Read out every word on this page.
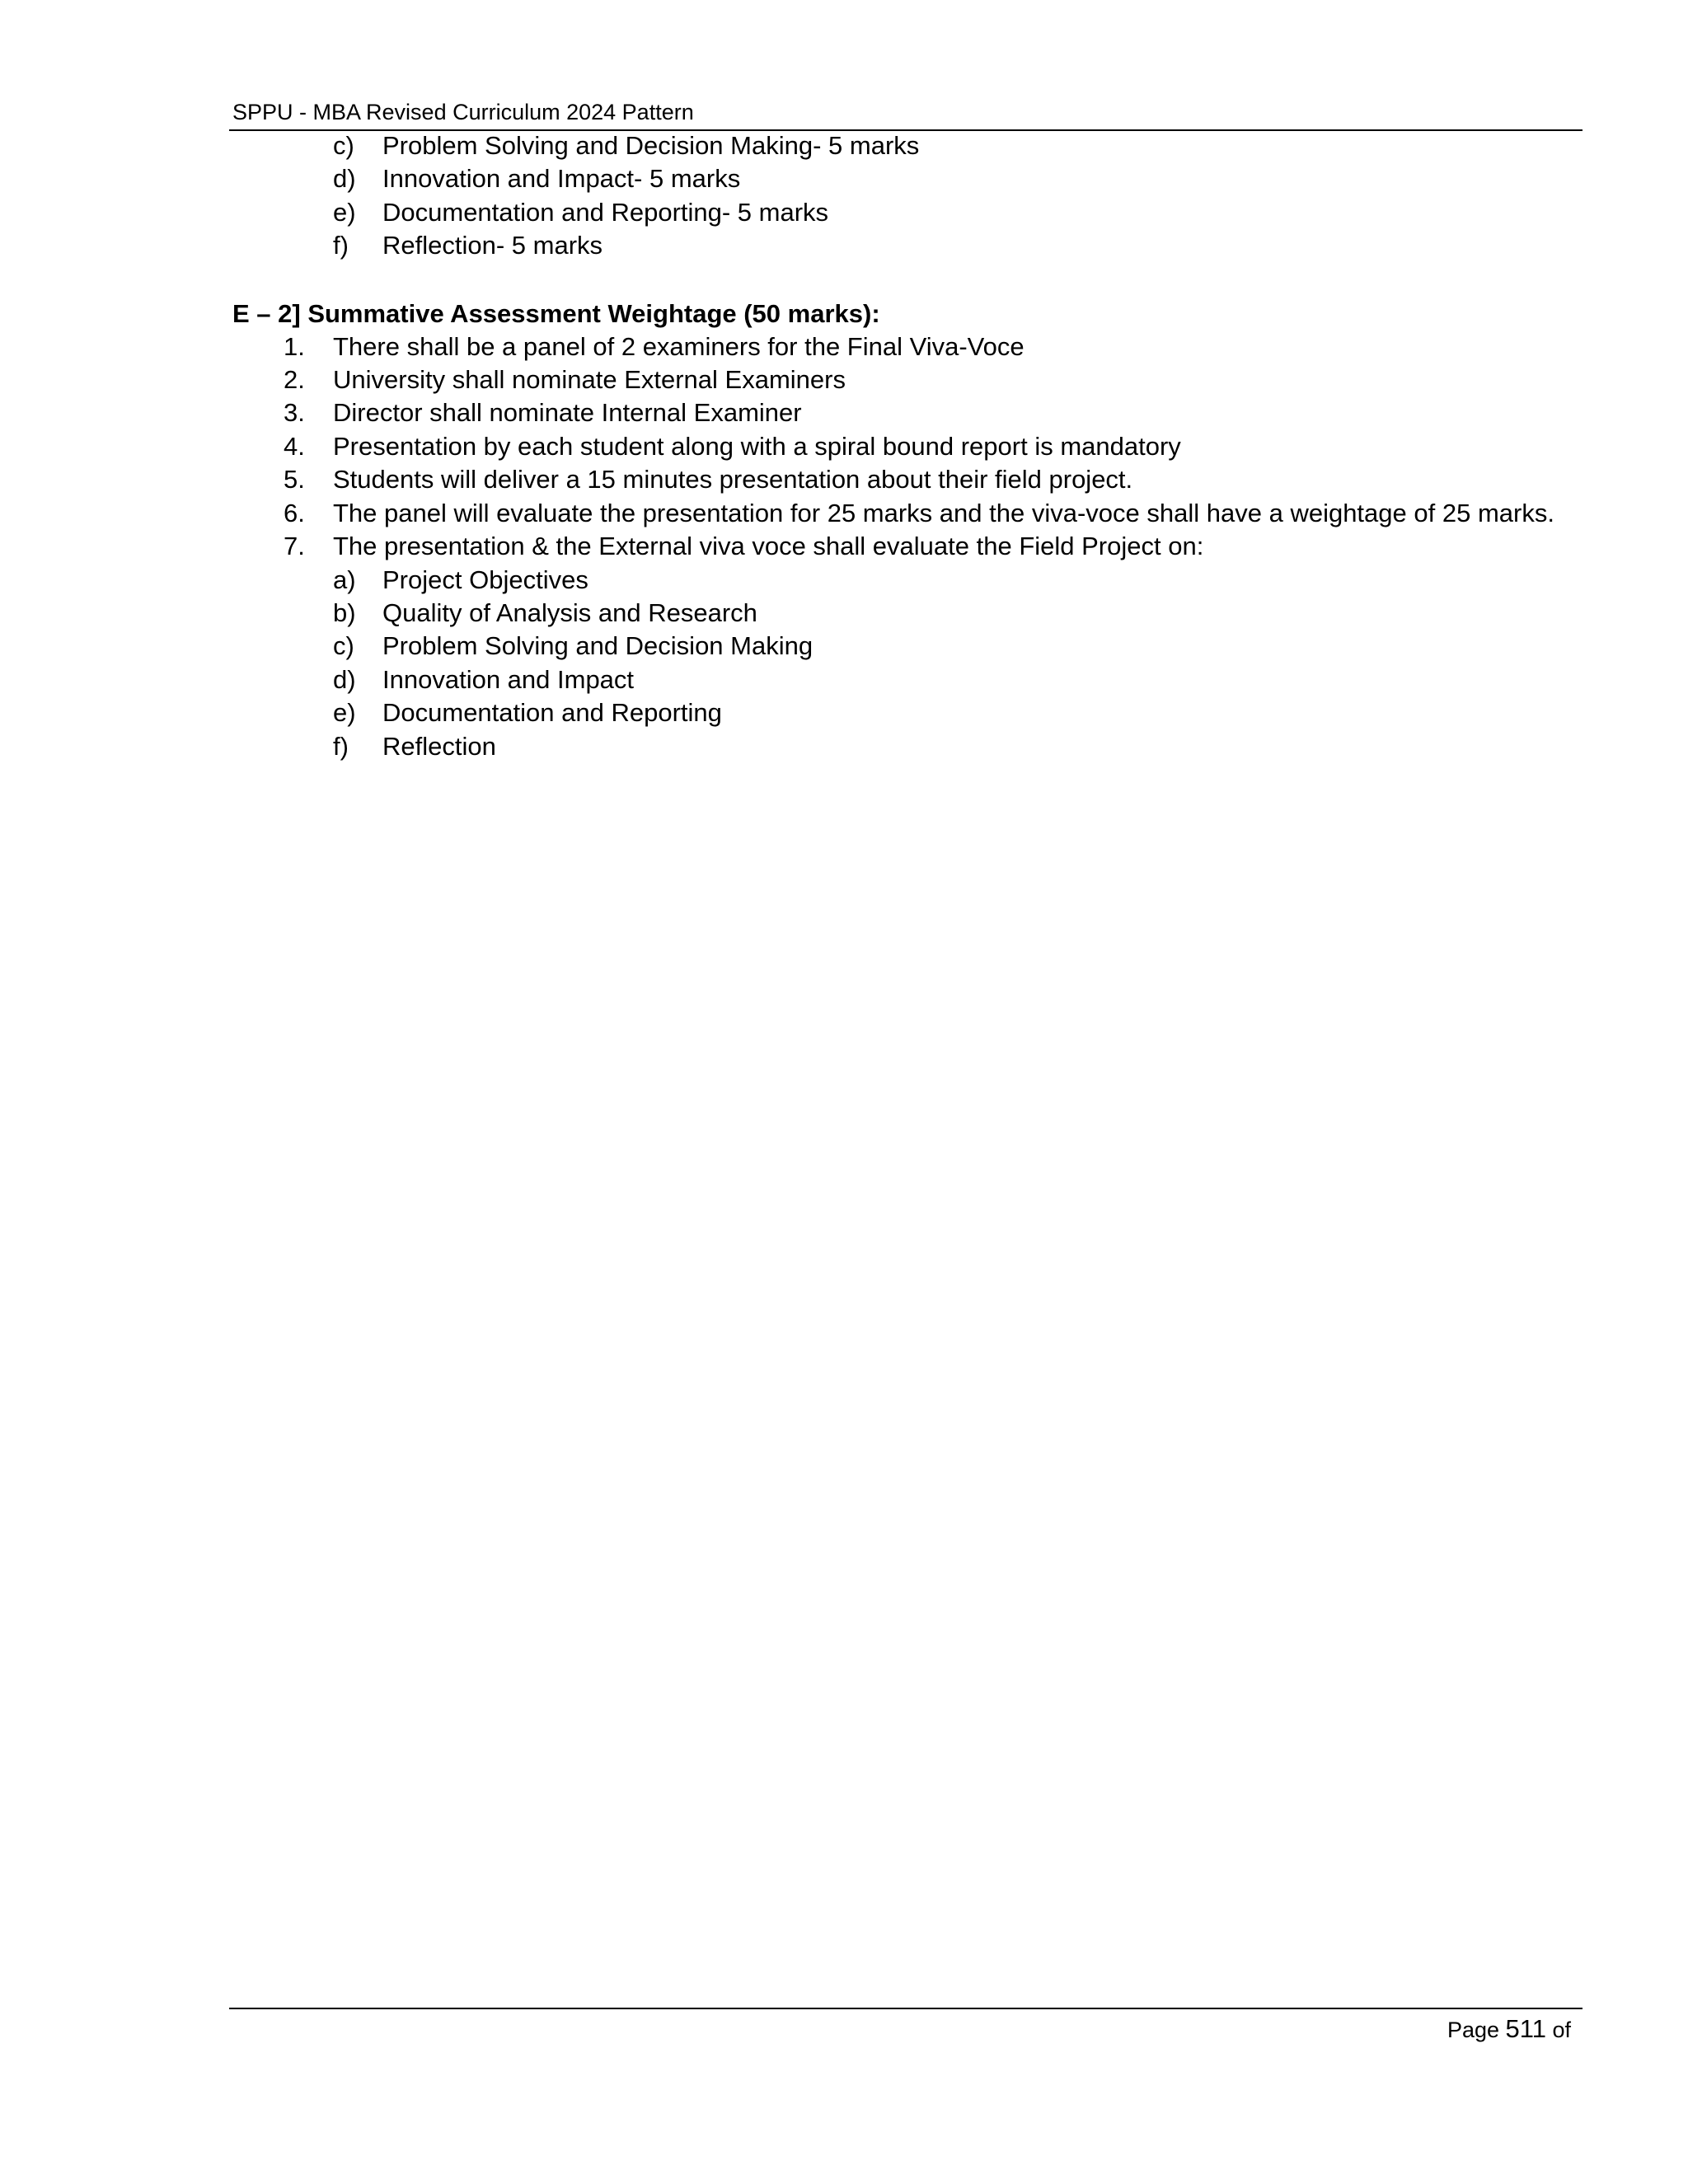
SPPU - MBA Revised Curriculum 2024 Pattern
c) Problem Solving and Decision Making- 5 marks
d) Innovation and Impact- 5 marks
e) Documentation and Reporting- 5 marks
f) Reflection- 5 marks
E – 2] Summative Assessment Weightage (50 marks):
1. There shall be a panel of 2 examiners for the Final Viva-Voce
2. University shall nominate External Examiners
3. Director shall nominate Internal Examiner
4. Presentation by each student along with a spiral bound report is mandatory
5. Students will deliver a 15 minutes presentation about their field project.
6. The panel will evaluate the presentation for 25 marks and the viva-voce shall have a weightage of 25 marks.
7. The presentation & the External viva voce shall evaluate the Field Project on:
a) Project Objectives
b) Quality of Analysis and Research
c) Problem Solving and Decision Making
d) Innovation and Impact
e) Documentation and Reporting
f) Reflection
Page 511 of
